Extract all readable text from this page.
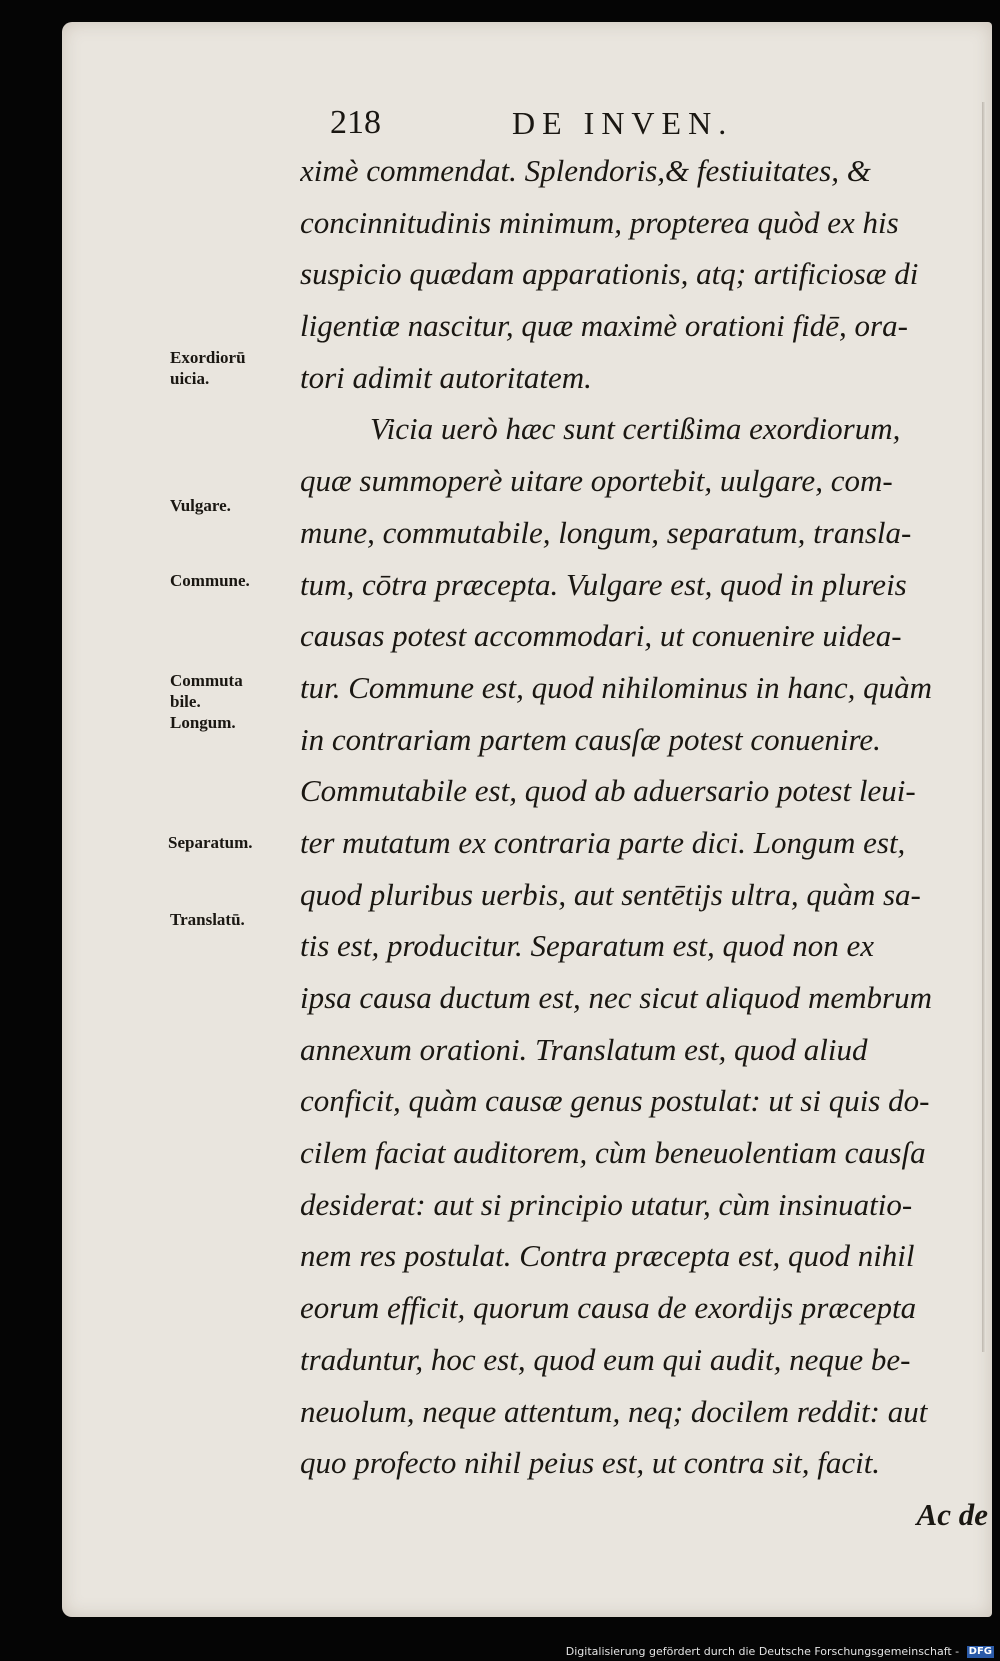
218	DE INVEN.
ximè commendat. Splendoris,& festiuitates, &
concinnitudinis minimum, propterea quòd ex his
suspicio quædam apparationis, atq; artificiosæ di
ligentiæ nascitur, quæ maximè orationi fidē, ora-
tori adimit autoritatem.
Vicia uerò hæc sunt certißima exordiorum,
quæ summoperè uitare oportebit, uulgare, com-
mune, commutabile, longum, separatum, transla-
tum, cōtra præcepta. Vulgare est, quod in plureis
causas potest accommodari, ut conuenire uidea-
tur. Commune est, quod nihilominus in hanc, quàm
in contrariam partem causſæ potest conuenire.
Commutabile est, quod ab aduersario potest leui-
ter mutatum ex contraria parte dici. Longum est,
quod pluribus uerbis, aut sentētijs ultra, quàm sa-
tis est, producitur. Separatum est, quod non ex
ipsa causa ductum est, nec sicut aliquod membrum
annexum orationi. Translatum est, quod aliud
conficit, quàm causæ genus postulat: ut si quis do-
cilem faciat auditorem, cùm beneuolentiam causſa
desiderat: aut si principio utatur, cùm insinuatio-
nem res postulat. Contra præcepta est, quod nihil
eorum efficit, quorum causa de exordijs præcepta
traduntur, hoc est, quod eum qui audit, neque be-
neuolum, neque attentum, neq; docilem reddit: aut
quo profecto nihil peius est, ut contra sit, facit.
Ac de
Exordiorū
uicia.
Vulgare.
Commune.
Commuta
bile.
Longum.
Separatum.
Translatū.
Digitalisierung gefördert durch die Deutsche Forschungsgemeinschaft - DFG
